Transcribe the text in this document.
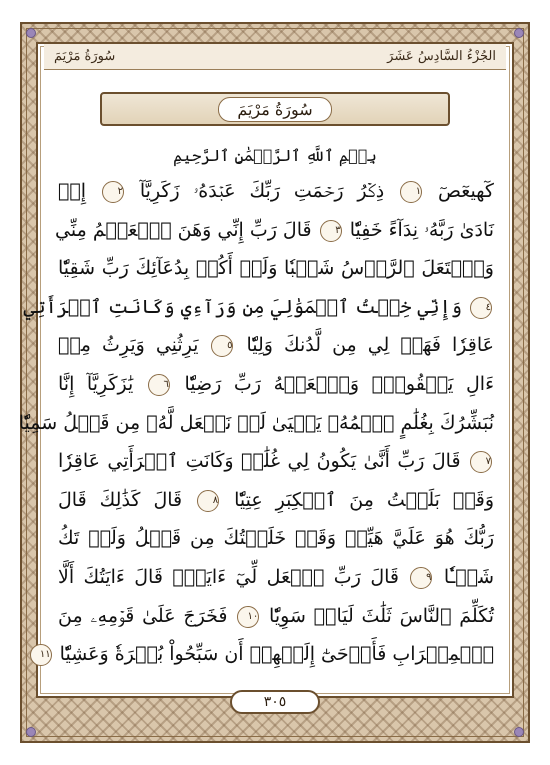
الجُزْءُ السَّادِسُ عَشَرَ
سُورَةُ مَرْيَمَ
سُورَةُ مَرْيَمَ
بِسۡمِ ٱللَّهِ ٱلرَّحۡمَٰنِ ٱلرَّحِيمِ
كٓهيعٓصٓ ١ ذِكۡرُ رَحۡمَتِ رَبِّكَ عَبۡدَهُۥ زَكَرِيَّآ ٢ إِذۡ
نَادَىٰ رَبَّهُۥ نِدَآءً خَفِيّٗا ٣ قَالَ رَبِّ إِنِّي وَهَنَ ٱلۡعَظۡمُ مِنِّي
وَٱشۡتَعَلَ ٱلرَّأۡسُ شَيۡبٗا وَلَمۡ أَكُنۢ بِدُعَآئِكَ رَبِّ شَقِيّٗا
٤ وَإِنِّي خِفۡتُ ٱلۡمَوَٰلِيَ مِن وَرَآءِي وَكَانَتِ ٱمۡرَأَتِي
عَاقِرٗا فَهَبۡ لِي مِن لَّدُنكَ وَلِيّٗا ٥ يَرِثُنِي وَيَرِثُ مِنۡ
ءَالِ يَعۡقُوبَۖ وَٱجۡعَلۡهُ رَبِّ رَضِيّٗا ٦ يَٰزَكَرِيَّآ إِنَّا
نُبَشِّرُكَ بِغُلَٰمٍ ٱسۡمُهُۥ يَحۡيَىٰ لَمۡ نَجۡعَل لَّهُۥ مِن قَبۡلُ سَمِيّٗا
٧ قَالَ رَبِّ أَنَّىٰ يَكُونُ لِي غُلَٰمٞ وَكَانَتِ ٱمۡرَأَتِي عَاقِرٗا
وَقَدۡ بَلَغۡتُ مِنَ ٱلۡكِبَرِ عِتِيّٗا ٨ قَالَ كَذَٰلِكَ قَالَ
رَبُّكَ هُوَ عَلَيَّ هَيِّنٞ وَقَدۡ خَلَقۡتُكَ مِن قَبۡلُ وَلَمۡ تَكُ
شَيۡـٔٗا ٩ قَالَ رَبِّ ٱجۡعَل لِّيٓ ءَايَةٗۖ قَالَ ءَايَتُكَ أَلَّا
تُكَلِّمَ ٱلنَّاسَ ثَلَٰثَ لَيَالٖ سَوِيّٗا ١٠ فَخَرَجَ عَلَىٰ قَوۡمِهِۦ مِنَ
ٱلۡمِحۡرَابِ فَأَوۡحَىٰٓ إِلَيۡهِمۡ أَن سَبِّحُواْ بُكۡرَةٗ وَعَشِيّٗا ١١
٣٠٥
